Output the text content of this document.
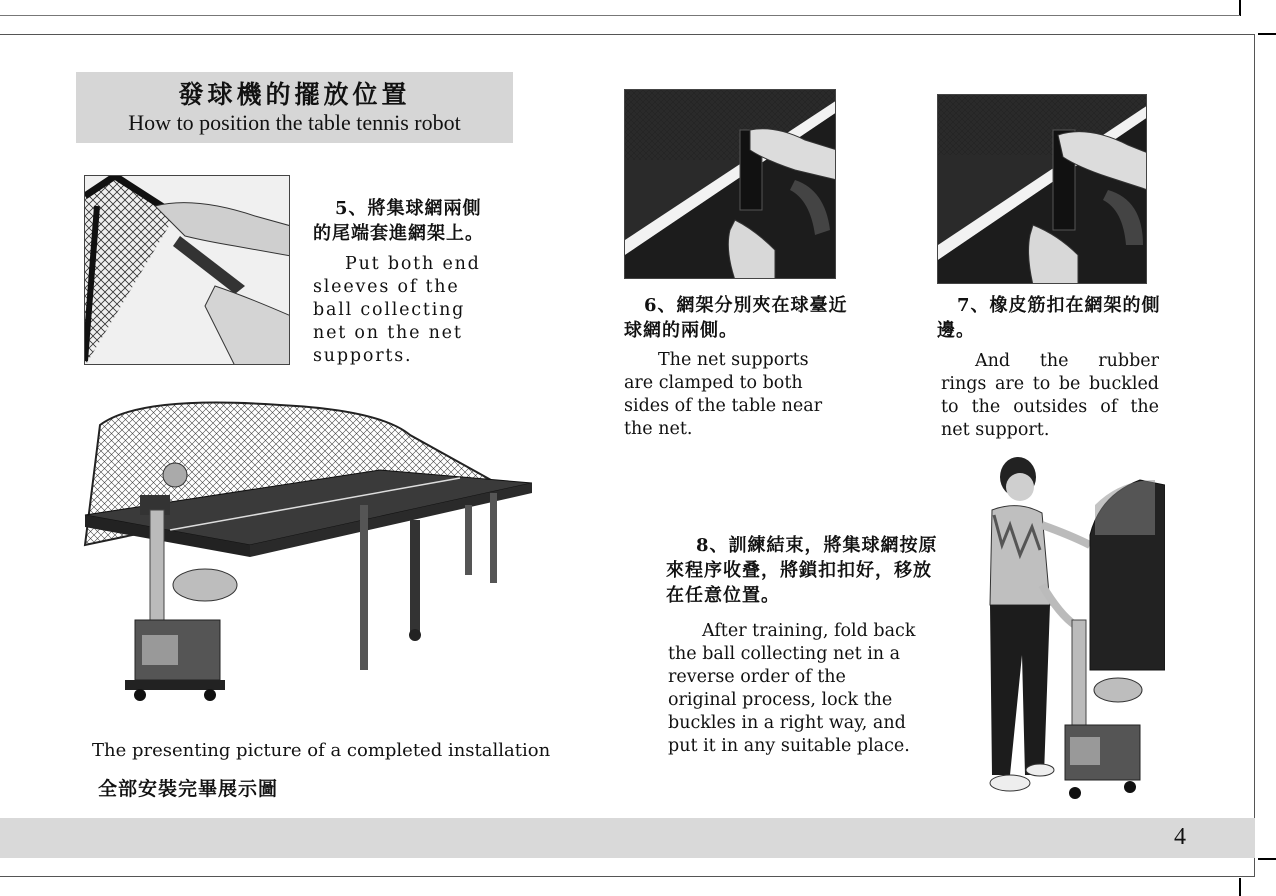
4
發球機的擺放位置
How to position the table tennis robot

5、將集球網兩側的尾端套進網架上。

Put both end sleeves of the ball collecting net on the net supports.

6、網架分別夾在球臺近球網的兩側。

The net supports are clamped to both sides of the table near the net.

7、橡皮筋扣在網架的側邊。

And the rubber rings are to be buckled to the outsides of the net support.

The presenting picture of a completed installation
全部安裝完畢展示圖

8、訓練結束，將集球網按原來程序收叠，將鎖扣扣好，移放在任意位置。

After training, fold back the ball collecting net in a reverse order of the original process, lock the buckles in a right way, and put it in any suitable place.
